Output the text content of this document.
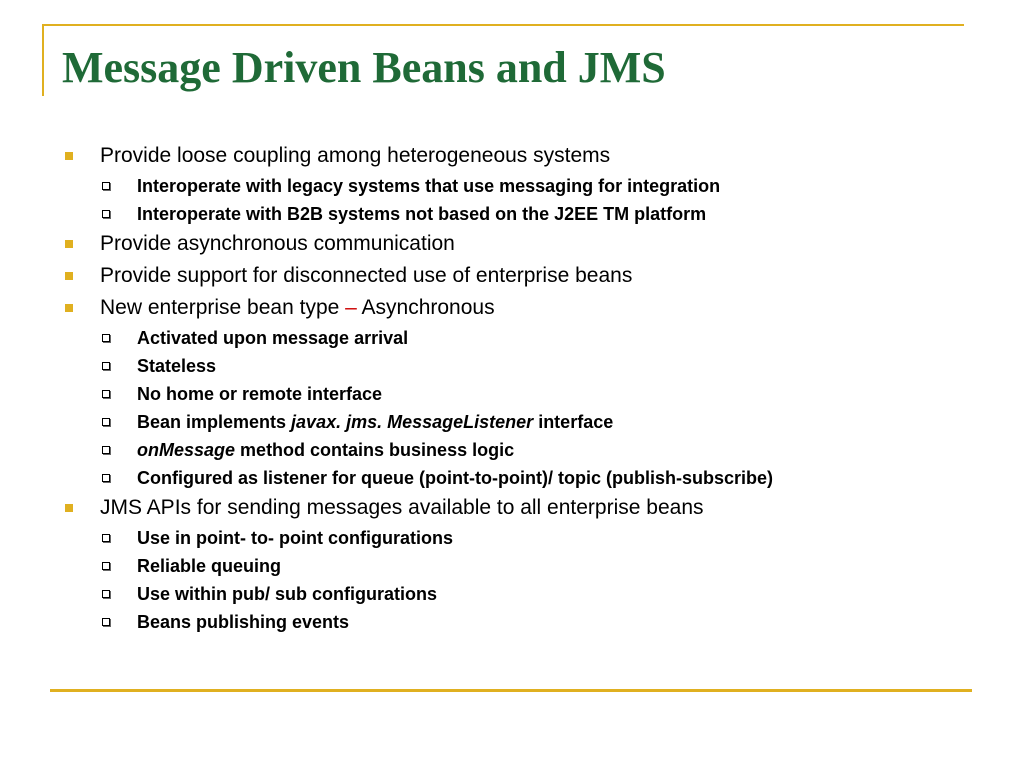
Message Driven Beans and JMS
Provide loose coupling among heterogeneous systems
Interoperate with legacy systems that use messaging for integration
Interoperate with B2B systems not based on the J2EE TM platform
Provide asynchronous communication
Provide support for disconnected use of enterprise beans
New enterprise bean type – Asynchronous
Activated upon message arrival
Stateless
No home or remote interface
Bean implements javax. jms. MessageListener interface
onMessage method contains business logic
Configured as listener for queue (point-to-point)/ topic (publish-subscribe)
JMS APIs for sending messages available to all enterprise beans
Use in point- to- point configurations
Reliable queuing
Use within pub/ sub configurations
Beans publishing events
